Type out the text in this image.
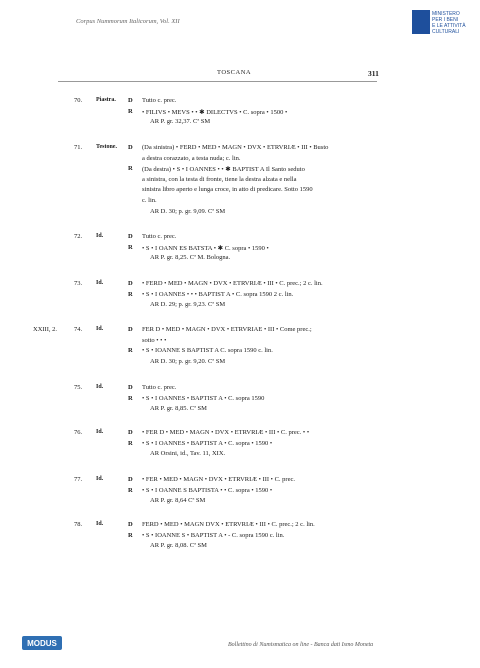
Corpus Nummorum Italicorum, Vol. XII
MINISTERO
PER I BENI
E LE ATTIVITÀ
CULTURALI
TOSCANA	311
70. Piastra. D Tutto c. prec.
R • FILIVS • MEVS • • ✱ DILECTVS • C. sopra • 1500 •
AR P. gr. 32,37. Cª SM
71. Testone. D (Da sinistra) • FERD • MED • MAGN • DVX • ETRVRIÆ • III • Busto
a destra corazzato, a testa nuda; c. lin.
R (Da destra) • S • I OANNES • • ✱ BAPTIST A Il Santo seduto
a sinistra, con la testa di fronte, tiene la destra alzata e nella
sinistra libro aperto e lunga croce, in atto di predicare. Sotto 1590
c. lin.
AR D. 30; p. gr. 9,09. Cª SM
72. Id.	D Tutto c. prec.
R • S • I OANN ES BATSTA • ✱ C. sopra • 1590 •
AR P. gr. 8,25. Cª M. Bologna.
73. Id.	D • FERD • MED • MAGN • DVX • ETRVRIÆ • III • C. prec.; 2 c. lin.
R • S • I OANNES • • • BAPTIST A • C. sopra 1590 2 c. lin.
AR D. 29; p. gr. 9,23. Cª SM
XXIII, 2.	74. Id.	D FER D • MED • MAGN • DVX • ETRVRIAE • III • Come prec.;
sotto • • •
R • S • IOANNE S BAPTIST A C. sopra 1590 c. lin.
AR D. 30; p. gr. 9,20. Cª SM
75. Id.	D Tutto c. prec.
R • S • I OANNES • BAPTIST A • C. sopra 1590
AR P. gr. 8,85. Cª SM
76. Id.	D • FER D • MED • MAGN • DVX • ETRVRIÆ • III • C. prec. • •
R • S • I OANNES • BAPTIST A • C. sopra • 1590 •
AR Orsini, id., Tav. 11, XIX.
77. Id.	D • FER • MED • MAGN • DVX • ETRVRIÆ • III • C. prec.
R • S • I OANNE S BAPTISTA • • C. sopra • 1590 •
AR P. gr. 8,64 Cª SM
78. Id.	D FERD • MED • MAGN DVX • ETRVRIÆ • III • C. prec.; 2 c. lin.
R • S • IOANNE S • BAPTIST A • - C. sopra 1590 c. lin.
AR P. gr. 8,08. Cª SM
MODUS	Bollettino di Numismatica on line - Banca dati Ismo Moneta
